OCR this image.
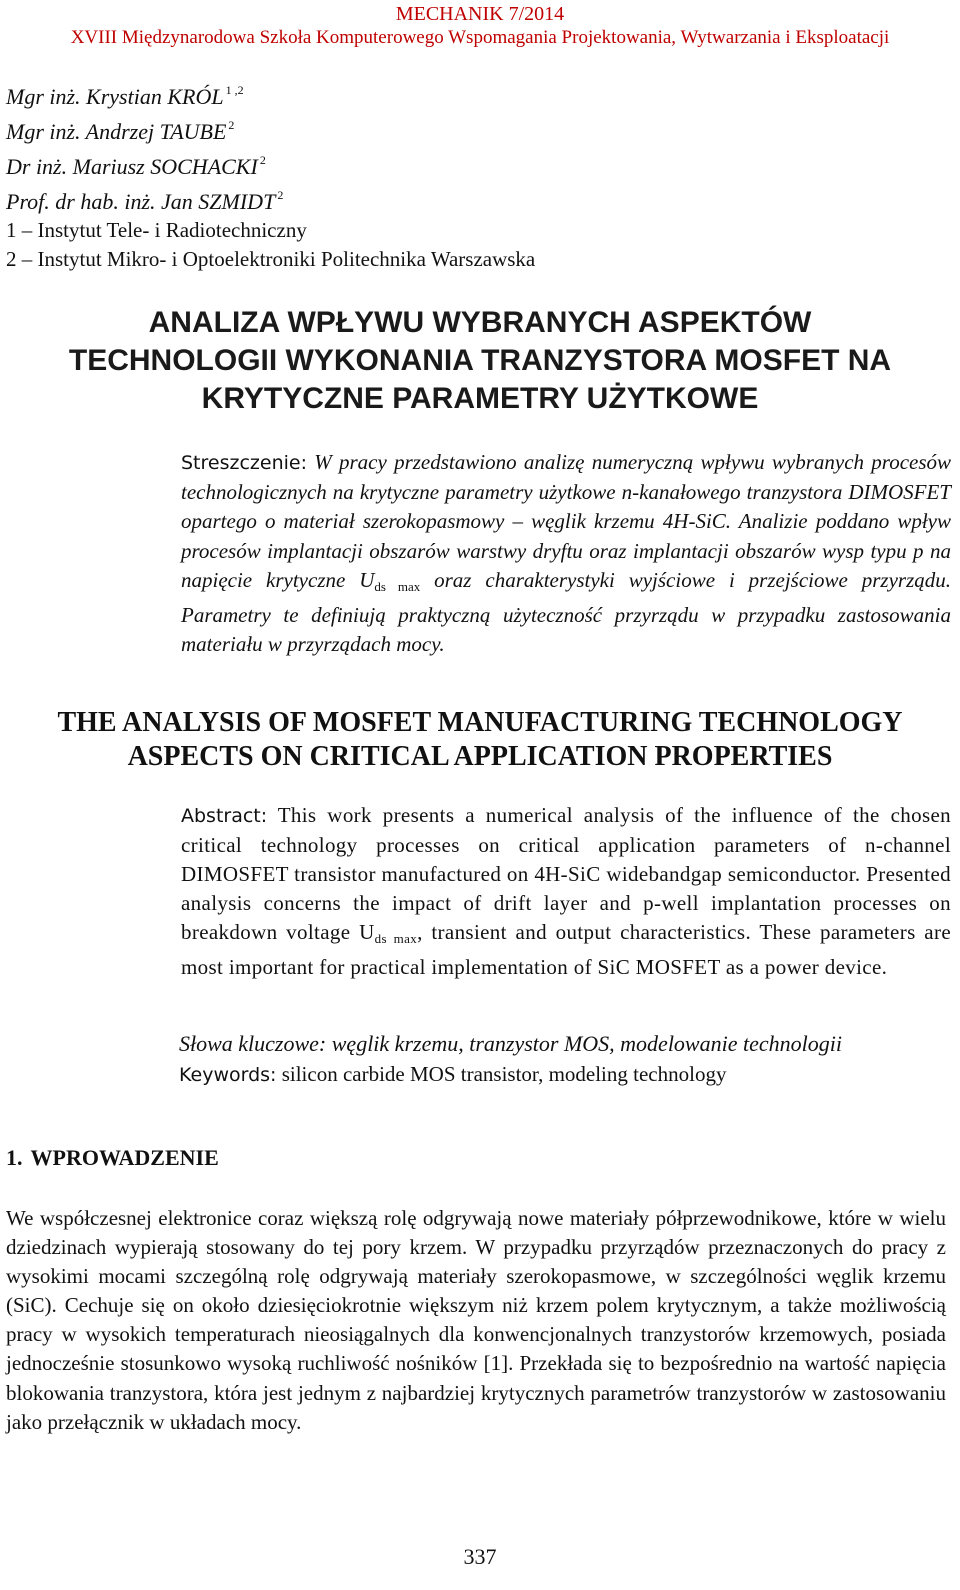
MECHANIK 7/2014
XVIII Międzynarodowa Szkoła Komputerowego Wspomagania Projektowania, Wytwarzania i Eksploatacji
Mgr inż. Krystian KRÓL $^{1 ,2}$
Mgr inż. Andrzej TAUBE $^2$
Dr inż. Mariusz SOCHACKI $^2$
Prof. dr hab. inż. Jan SZMIDT $^2$
1 – Instytut Tele- i Radiotechniczny
2 – Instytut Mikro- i Optoelektroniki Politechnika Warszawska
ANALIZA WPŁYWU WYBRANYCH ASPEKTÓW
TECHNOLOGII WYKONANIA TRANZYSTORA MOSFET NA
KRYTYCZNE PARAMETRY UŻYTKOWE
Streszczenie: W pracy przedstawiono analizę numeryczną wpływu wybranych procesów technologicznych na krytyczne parametry użytkowe n-kanałowego tranzystora DIMOSFET opartego o materiał szerokopasmowy – węglik krzemu 4H-SiC. Analizie poddano wpływ procesów implantacji obszarów warstwy dryftu oraz implantacji obszarów wysp typu p na napięcie krytyczne $U_{ds max}$ oraz charakterystyki wyjściowe i przejściowe przyrządu. Parametry te definiują praktyczną użyteczność przyrządu w przypadku zastosowania materiału w przyrządach mocy.
THE ANALYSIS OF MOSFET MANUFACTURING TECHNOLOGY
ASPECTS ON CRITICAL APPLICATION PROPERTIES
Abstract: This work presents a numerical analysis of the influence of the chosen critical technology processes on critical application parameters of n-channel DIMOSFET transistor manufactured on 4H-SiC widebandgap semiconductor. Presented analysis concerns the impact of drift layer and p-well implantation processes on breakdown voltage $U_{ds max}$, transient and output characteristics. These parameters are most important for practical implementation of SiC MOSFET as a power device.
Słowa kluczowe: węglik krzemu, tranzystor MOS, modelowanie technologii
Keywords: silicon carbide MOS transistor, modeling technology
1. WPROWADZENIE
We współczesnej elektronice coraz większą rolę odgrywają nowe materiały półprzewodnikowe, które w wielu dziedzinach wypierają stosowany do tej pory krzem. W przypadku przyrządów przeznaczonych do pracy z wysokimi mocami szczególną rolę odgrywają materiały szerokopasmowe, w szczególności węglik krzemu (SiC). Cechuje się on około dziesięciokrotnie większym niż krzem polem krytycznym, a także możliwością pracy w wysokich temperaturach nieosiągalnych dla konwencjonalnych tranzystorów krzemowych, posiada jednocześnie stosunkowo wysoką ruchliwość nośników [1]. Przekłada się to bezpośrednio na wartość napięcia blokowania tranzystora, która jest jednym z najbardziej krytycznych parametrów tranzystorów w zastosowaniu jako przełącznik w układach mocy.
337
